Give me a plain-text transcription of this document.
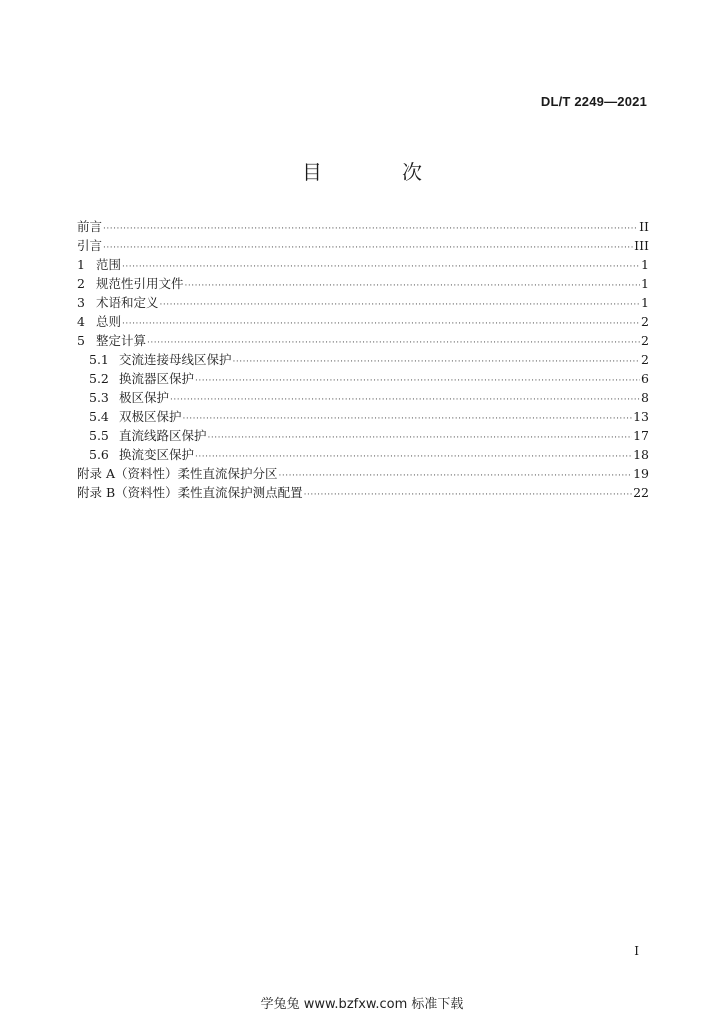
DL/T 2249—2021
目　次
前言 ·····	II
引言 ·····	III
1 范围 ·····	1
2 规范性引用文件 ·····	1
3 术语和定义 ·····	1
4 总则 ·····	2
5 整定计算 ·····	2
5.1 交流连接母线区保护 ·····	2
5.2 换流器区保护 ·····	6
5.3 极区保护 ·····	8
5.4 双极区保护 ·····	13
5.5 直流线路区保护 ·····	17
5.6 换流变区保护 ·····	18
附录 A（资料性）柔性直流保护分区 ·····	19
附录 B（资料性）柔性直流保护测点配置 ·····	22
I
学兔兔 www.bzfxw.com 标准下载
